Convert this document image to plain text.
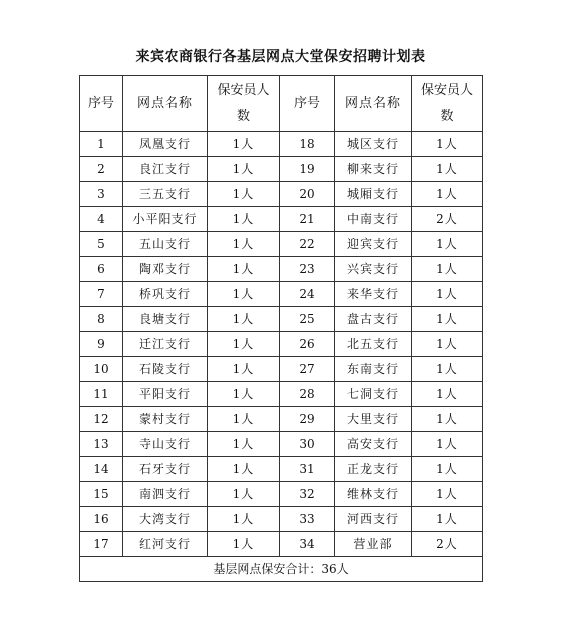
来宾农商银行各基层网点大堂保安招聘计划表
序号	网点名称	保安员人数	序号	网点名称	保安员人数
1	凤凰支行	1人	18	城区支行	1人
2	良江支行	1人	19	柳来支行	1人
3	三五支行	1人	20	城厢支行	1人
4	小平阳支行	1人	21	中南支行	2人
5	五山支行	1人	22	迎宾支行	1人
6	陶邓支行	1人	23	兴宾支行	1人
7	桥巩支行	1人	24	来华支行	1人
8	良塘支行	1人	25	盘古支行	1人
9	迁江支行	1人	26	北五支行	1人
10	石陵支行	1人	27	东南支行	1人
11	平阳支行	1人	28	七洞支行	1人
12	蒙村支行	1人	29	大里支行	1人
13	寺山支行	1人	30	高安支行	1人
14	石牙支行	1人	31	正龙支行	1人
15	南泗支行	1人	32	维林支行	1人
16	大湾支行	1人	33	河西支行	1人
17	红河支行	1人	34	营业部	2人
基层网点保安合计：36人					
